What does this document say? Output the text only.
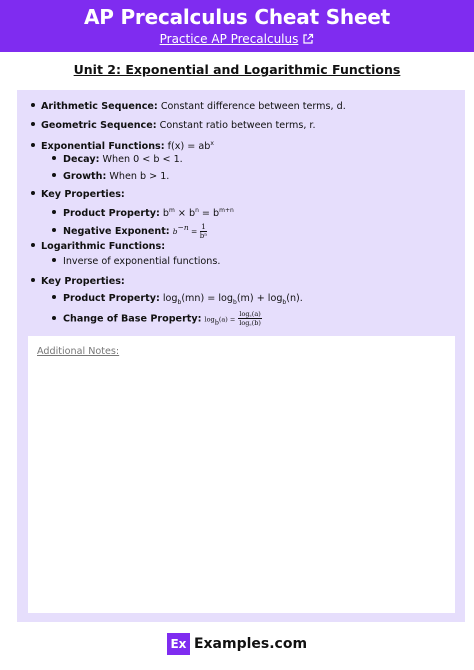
AP Precalculus Cheat Sheet
Practice AP Precalculus
Unit 2: Exponential and Logarithmic Functions
Arithmetic Sequence: Constant difference between terms, d.
Geometric Sequence: Constant ratio between terms, r.
Exponential Functions: $f(x) = ab^x$
Decay: When 0 < b < 1.
Growth: When b > 1.
Key Properties:
Product Property: $b^m \times b^n = b^{m+n}$
Negative Exponent: $b^{-n} = \frac{1}{\text{bⁿ}}$
Logarithmic Functions:
Inverse of exponential functions.
Key Properties:
Product Property: $\log_b(mn) = \log_b(m) + \log_b(n)$.
Change of Base Property: $\log_b(a) = \frac{\log꜀(a)}{\log꜀(b)}$
Additional Notes:
Ex Examples.com
